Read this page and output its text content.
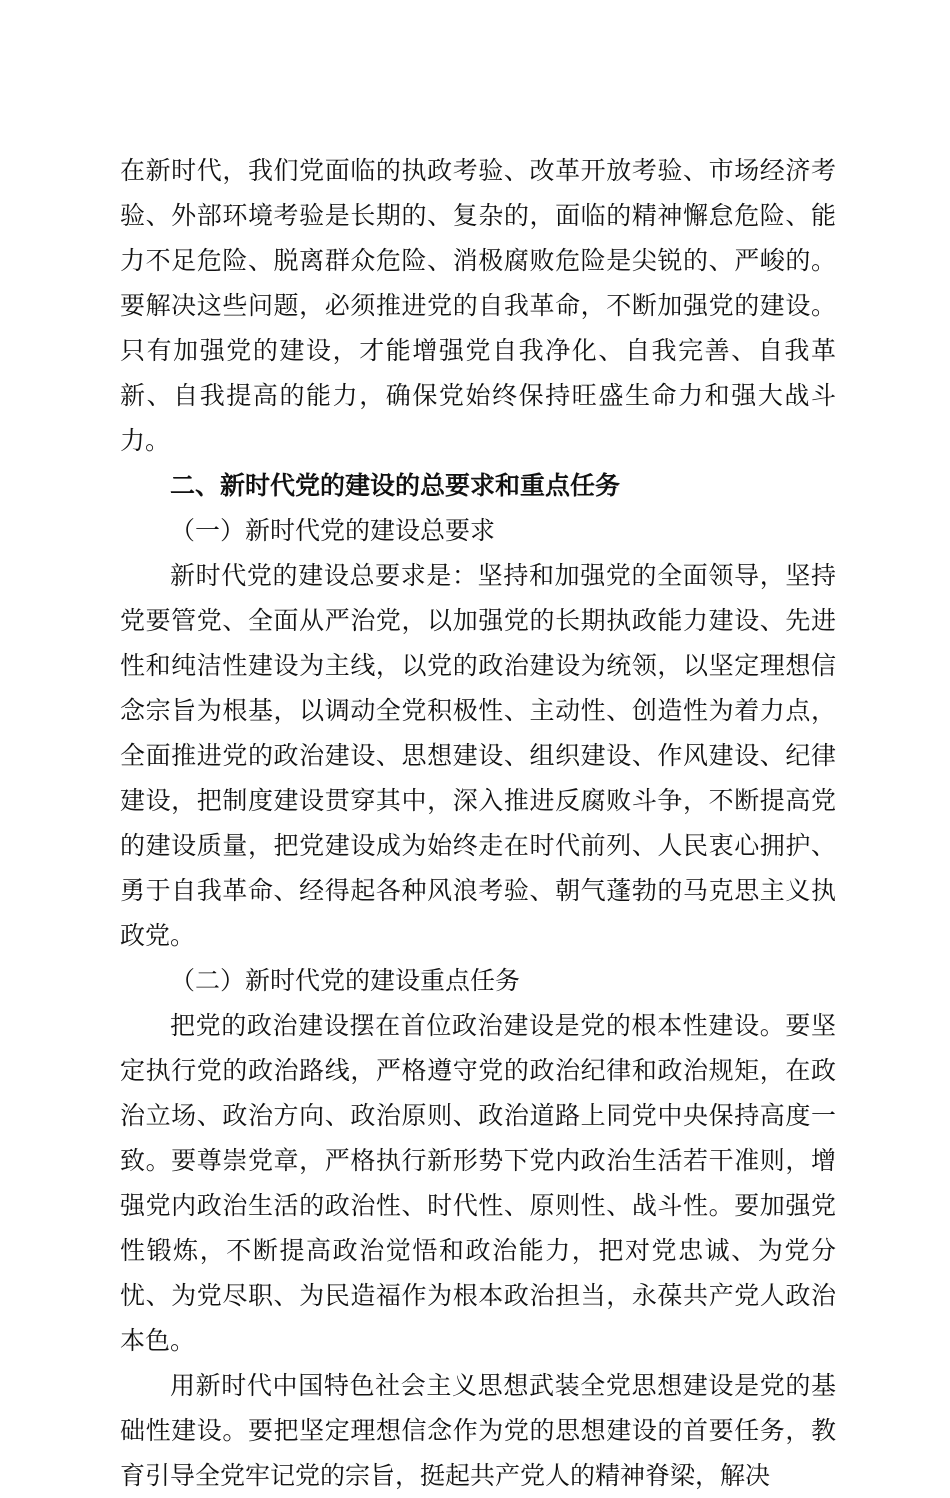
在新时代，我们党面临的执政考验、改革开放考验、市场经济考验、外部环境考验是长期的、复杂的，面临的精神懈怠危险、能力不足危险、脱离群众危险、消极腐败危险是尖锐的、严峻的。要解决这些问题，必须推进党的自我革命，不断加强党的建设。只有加强党的建设，才能增强党自我净化、自我完善、自我革新、自我提高的能力，确保党始终保持旺盛生命力和强大战斗力。

二、新时代党的建设的总要求和重点任务

（一）新时代党的建设总要求

新时代党的建设总要求是：坚持和加强党的全面领导，坚持党要管党、全面从严治党，以加强党的长期执政能力建设、先进性和纯洁性建设为主线，以党的政治建设为统领，以坚定理想信念宗旨为根基，以调动全党积极性、主动性、创造性为着力点，全面推进党的政治建设、思想建设、组织建设、作风建设、纪律建设，把制度建设贯穿其中，深入推进反腐败斗争，不断提高党的建设质量，把党建设成为始终走在时代前列、人民衷心拥护、勇于自我革命、经得起各种风浪考验、朝气蓬勃的马克思主义执政党。

（二）新时代党的建设重点任务

把党的政治建设摆在首位政治建设是党的根本性建设。要坚定执行党的政治路线，严格遵守党的政治纪律和政治规矩，在政治立场、政治方向、政治原则、政治道路上同党中央保持高度一致。要尊崇党章，严格执行新形势下党内政治生活若干准则，增强党内政治生活的政治性、时代性、原则性、战斗性。要加强党性锻炼，不断提高政治觉悟和政治能力，把对党忠诚、为党分忧、为党尽职、为民造福作为根本政治担当，永葆共产党人政治本色。

用新时代中国特色社会主义思想武装全党思想建设是党的基础性建设。要把坚定理想信念作为党的思想建设的首要任务，教育引导全党牢记党的宗旨，挺起共产党人的精神脊梁，解决
